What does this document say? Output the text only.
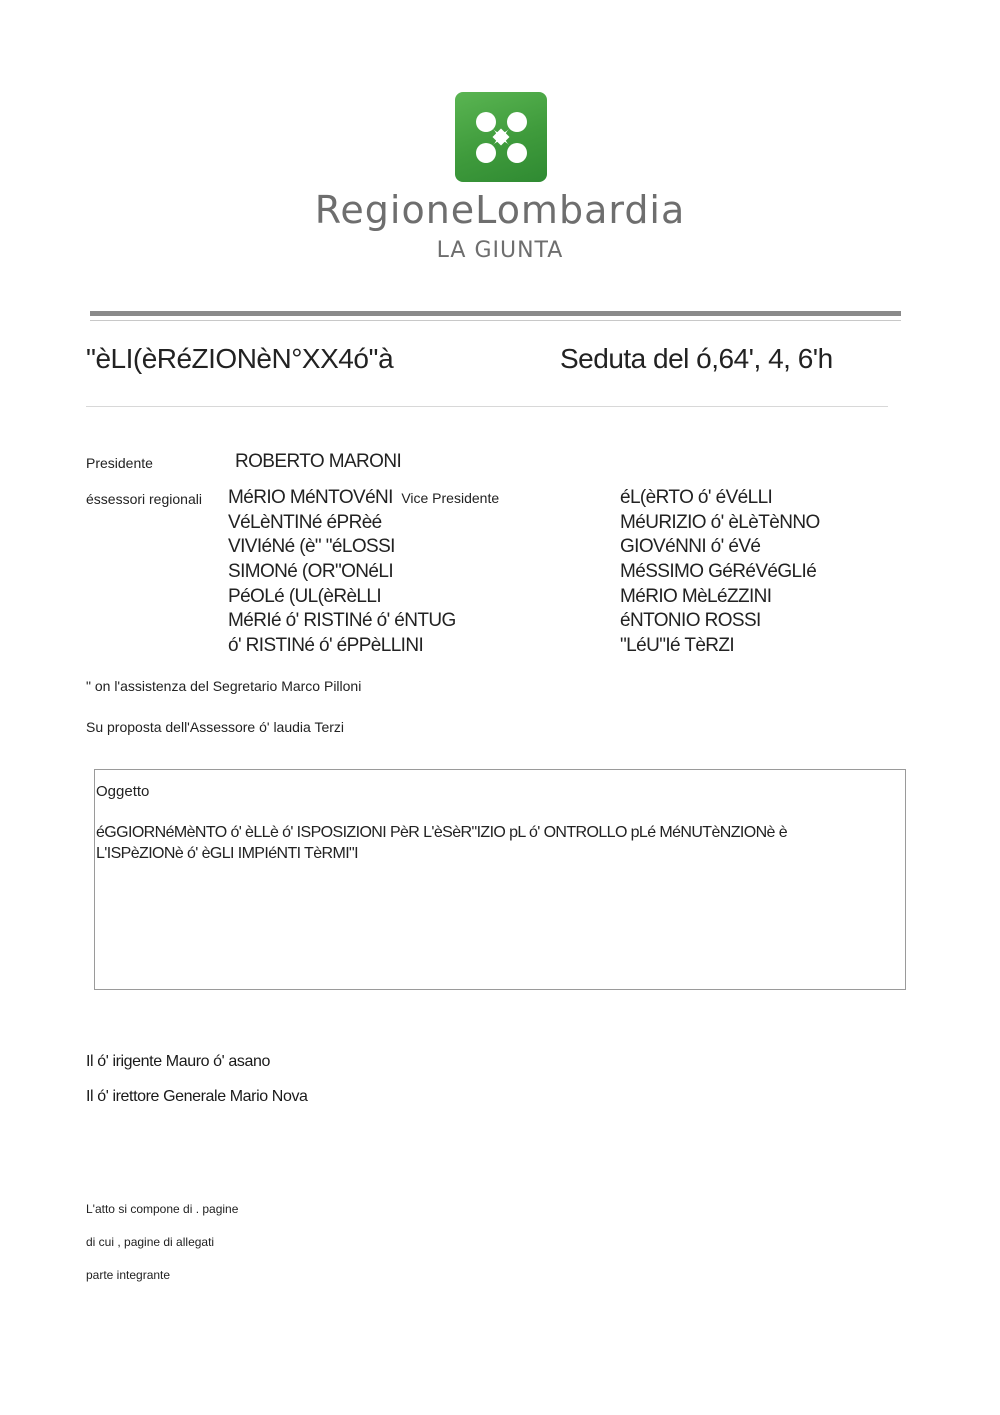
RegioneLombardia
LA GIUNTA
"èLI(èRéZIONèN°XX4ó''à	Seduta del ó,64', 4, 6'h
Presidente	ROBERTO MARONI
éssessori regionali MéRIO MéNTOVéNI Vice Presidente
VéLèNTINé éPRèé
VIVIéNé (è" "éLOSSI
SIMONé (OR"ONéLI
PéOLé (UL(èRèLLI
MéRIé ó' RISTINé ó' éNTUG
ó' RISTINé ó' éPPèLLINI
éL(èRTO ó' éVéLLI
MéURIZIO ó' èLèTèNNO
GIOVéNNI ó' éVé
MéSSIMO GéRéVéGLIé
MéRIO MèLéZZINI
éNTONIO ROSSI
"LéU"Ié TèRZI
" on l'assistenza del Segretario Marco Pilloni
Su proposta dell'Assessore ó' laudia Terzi
Oggetto
éGGIORNéMèNTO ó' èLLè ó' ISPOSIZIONI PèR L'èSèR"IZIO pL ó' ONTROLLO pLé MéNUTèNZIONè è
L'ISPèZIONè ó' èGLI IMPIéNTI TèRMI"I
Il ó' irigente Mauro ó' asano
Il ó' irettore Generale Mario Nova
L'atto si compone di . pagine
di cui , pagine di allegati
parte integrante
